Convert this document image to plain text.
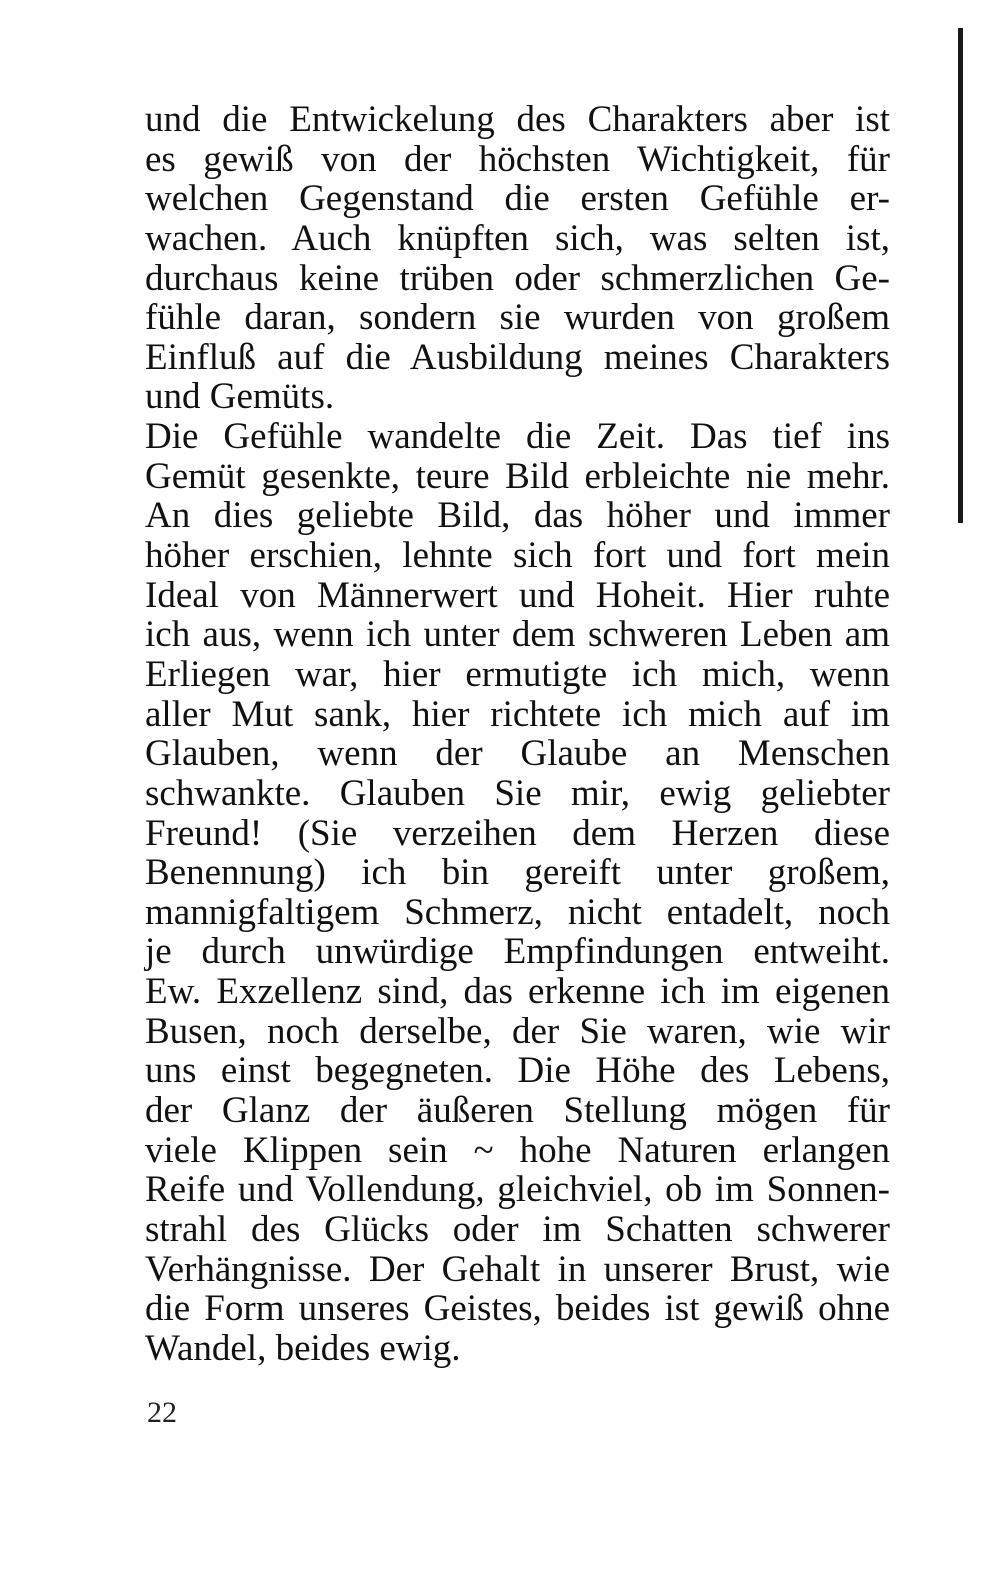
und die Entwickelung des Charakters aber ist
es gewiß von der höchsten Wichtigkeit, für
welchen Gegenstand die ersten Gefühle er-
wachen. Auch knüpften sich, was selten ist,
durchaus keine trüben oder schmerzlichen Ge-
fühle daran, sondern sie wurden von großem
Einfluß auf die Ausbildung meines Charakters
und Gemüts.
Die Gefühle wandelte die Zeit. Das tief ins
Gemüt gesenkte, teure Bild erbleichte nie mehr.
An dies geliebte Bild, das höher und immer
höher erschien, lehnte sich fort und fort mein
Ideal von Männerwert und Hoheit. Hier ruhte
ich aus, wenn ich unter dem schweren Leben am
Erliegen war, hier ermutigte ich mich, wenn
aller Mut sank, hier richtete ich mich auf im
Glauben, wenn der Glaube an Menschen
schwankte. Glauben Sie mir, ewig geliebter
Freund! (Sie verzeihen dem Herzen diese
Benennung) ich bin gereift unter großem,
mannigfaltigem Schmerz, nicht entadelt, noch
je durch unwürdige Empfindungen entweiht.
Ew. Exzellenz sind, das erkenne ich im eigenen
Busen, noch derselbe, der Sie waren, wie wir
uns einst begegneten. Die Höhe des Lebens,
der Glanz der äußeren Stellung mögen für
viele Klippen sein ~ hohe Naturen erlangen
Reife und Vollendung, gleichviel, ob im Sonnen-
strahl des Glücks oder im Schatten schwerer
Verhängnisse. Der Gehalt in unserer Brust, wie
die Form unseres Geistes, beides ist gewiß ohne
Wandel, beides ewig.
22
